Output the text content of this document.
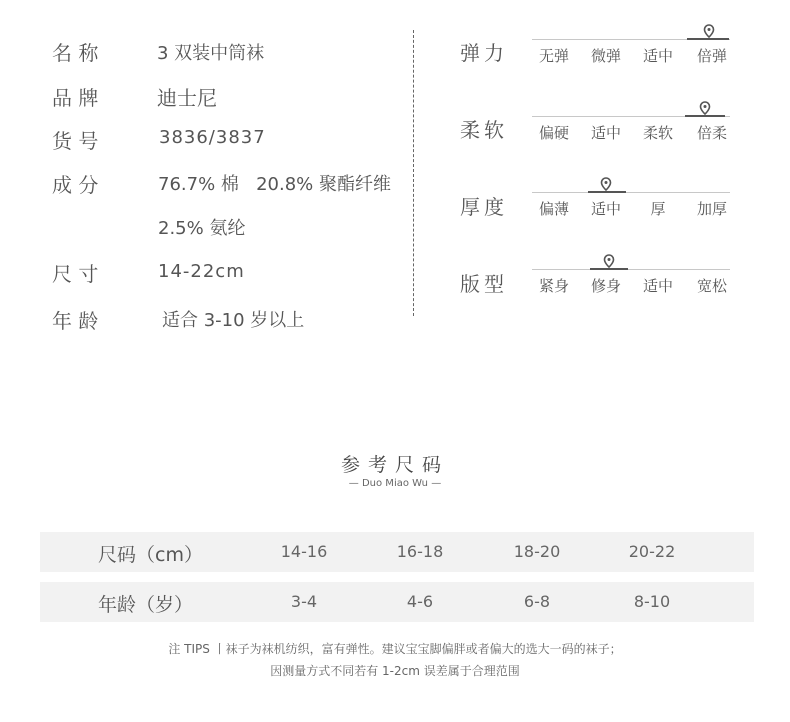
名 称	3 双装中筒袜
品 牌	迪士尼
货 号	3836/3837
成 分	76.7% 棉   20.8% 聚酯纤维
2.5% 氨纶
尺 寸	14-22cm
年 龄	适合 3-10 岁以上
弹力	无弹	微弹	适中	倍弹
柔软	偏硬	适中	柔软	倍柔
厚度	偏薄	适中	厚	加厚
版型	紧身	修身	适中	宽松
参考尺码
— Duo Miao Wu —
尺码（cm）	14-16	16-18	18-20	20-22
年龄（岁）	3-4	4-6	6-8	8-10
注 TIPS 丨袜子为袜机纺织，富有弹性。建议宝宝脚偏胖或者偏大的选大一码的袜子；
因测量方式不同若有 1-2cm 误差属于合理范围
